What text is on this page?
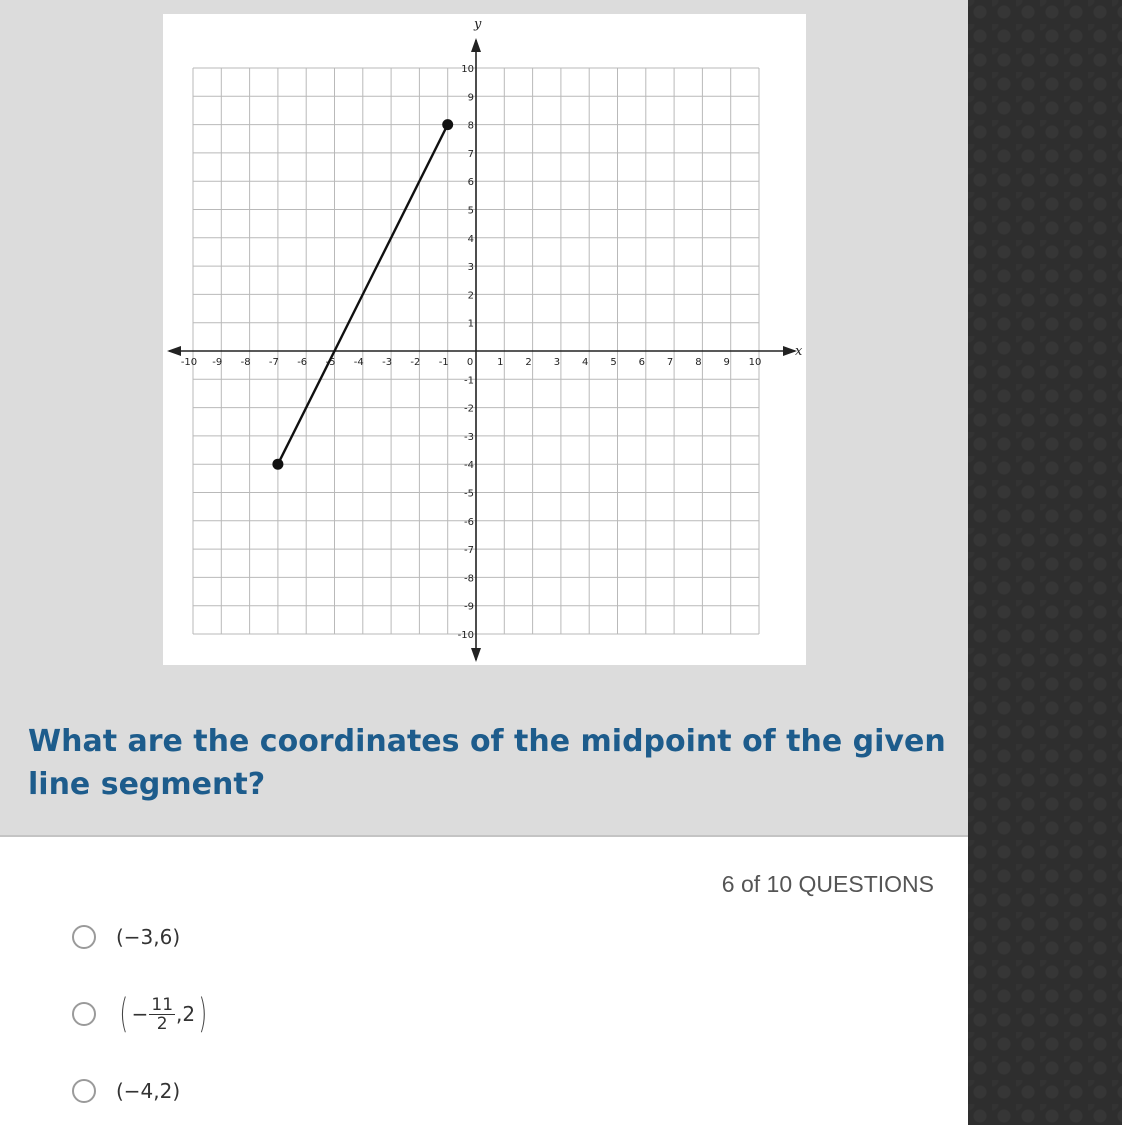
x
y
-10 -9 -8 -7 -6 -5 -4 -3 -2 -1 0 1 2 3 4 5 6 7 8 9 10
-10
-9
-8
-7
-6
-5
-4
-3
-2
-1
1
2
3
4
5
6
7
8
9
10

What are the coordinates of the midpoint of the given line segment?

6 of 10 QUESTIONS
(−3,6)
( − $\frac{11}{2} ,2$ )
(−4,2)
